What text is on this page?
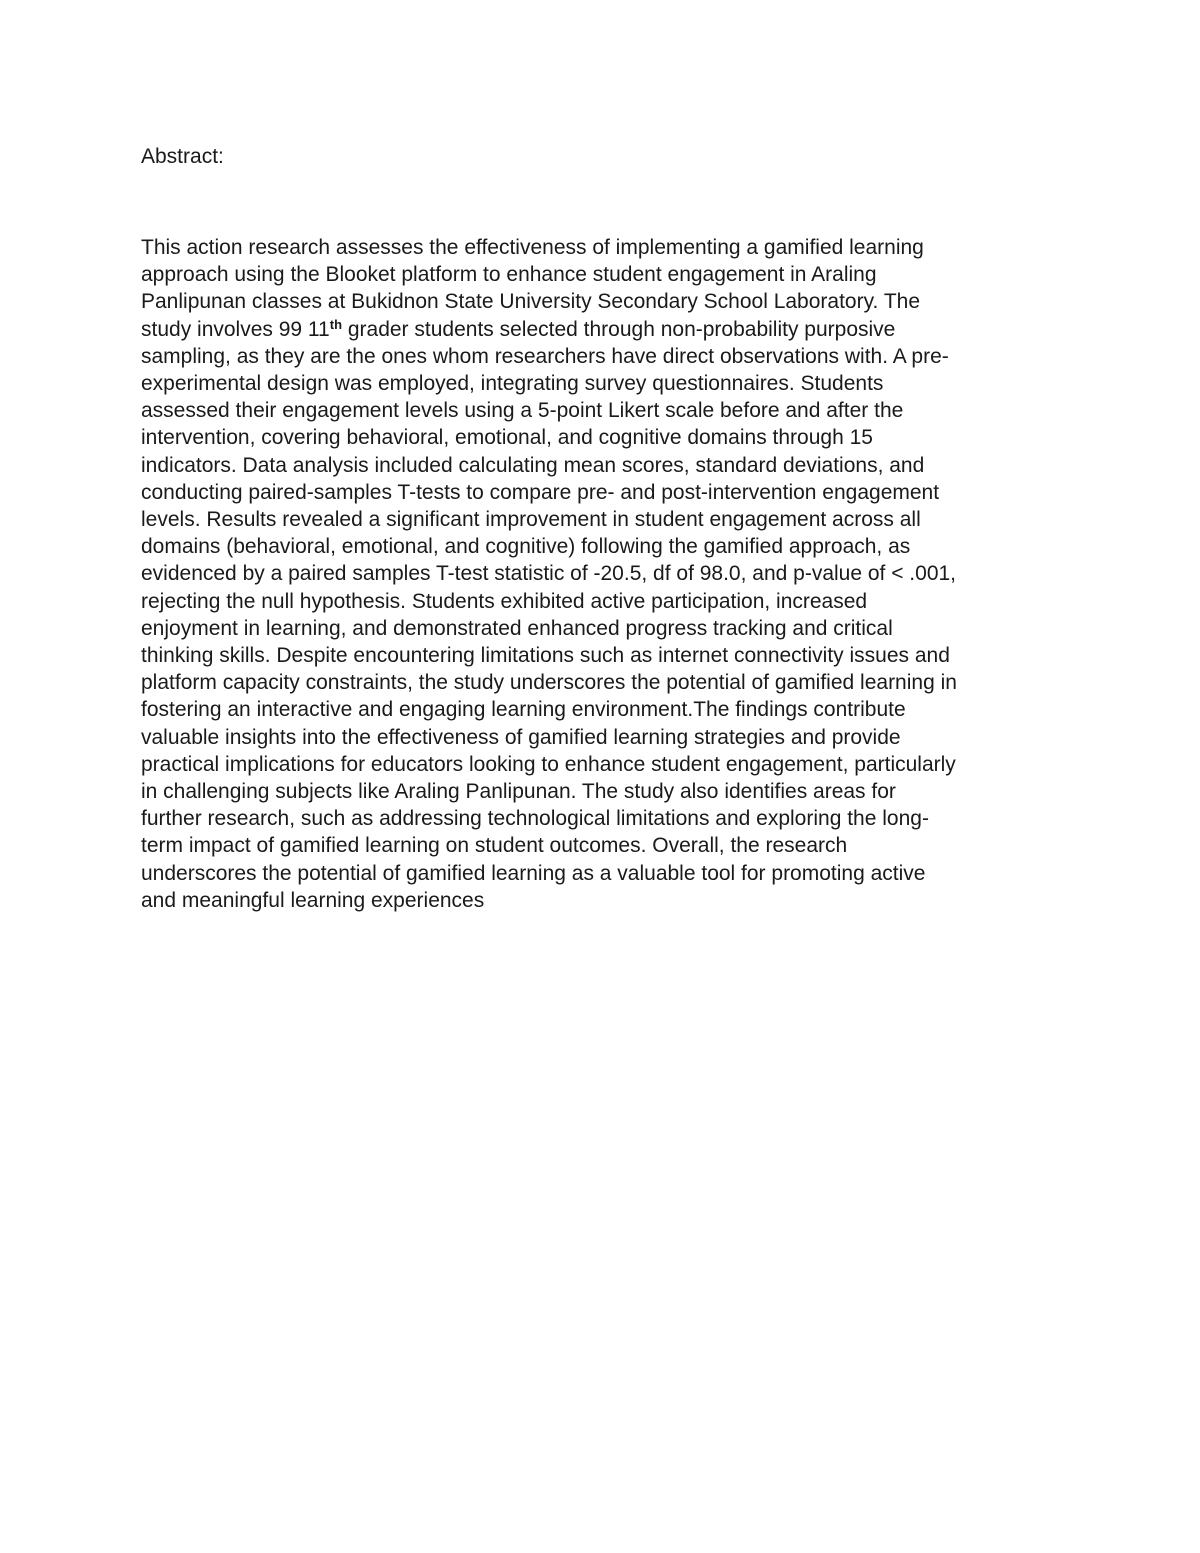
Abstract:
This action research assesses the effectiveness of implementing a gamified learning
approach using the Blooket platform to enhance student engagement in Araling
Panlipunan classes at Bukidnon State University Secondary School Laboratory. The
study involves 99 11th grader students selected through non-probability purposive
sampling, as they are the ones whom researchers have direct observations with. A pre-
experimental design was employed, integrating survey questionnaires. Students
assessed their engagement levels using a 5-point Likert scale before and after the
intervention, covering behavioral, emotional, and cognitive domains through 15
indicators. Data analysis included calculating mean scores, standard deviations, and
conducting paired-samples T-tests to compare pre- and post-intervention engagement
levels. Results revealed a significant improvement in student engagement across all
domains (behavioral, emotional, and cognitive) following the gamified approach, as
evidenced by a paired samples T-test statistic of -20.5, df of 98.0, and p-value of < .001,
rejecting the null hypothesis. Students exhibited active participation, increased
enjoyment in learning, and demonstrated enhanced progress tracking and critical
thinking skills. Despite encountering limitations such as internet connectivity issues and
platform capacity constraints, the study underscores the potential of gamified learning in
fostering an interactive and engaging learning environment.The findings contribute
valuable insights into the effectiveness of gamified learning strategies and provide
practical implications for educators looking to enhance student engagement, particularly
in challenging subjects like Araling Panlipunan. The study also identifies areas for
further research, such as addressing technological limitations and exploring the long-
term impact of gamified learning on student outcomes. Overall, the research
underscores the potential of gamified learning as a valuable tool for promoting active
and meaningful learning experiences
